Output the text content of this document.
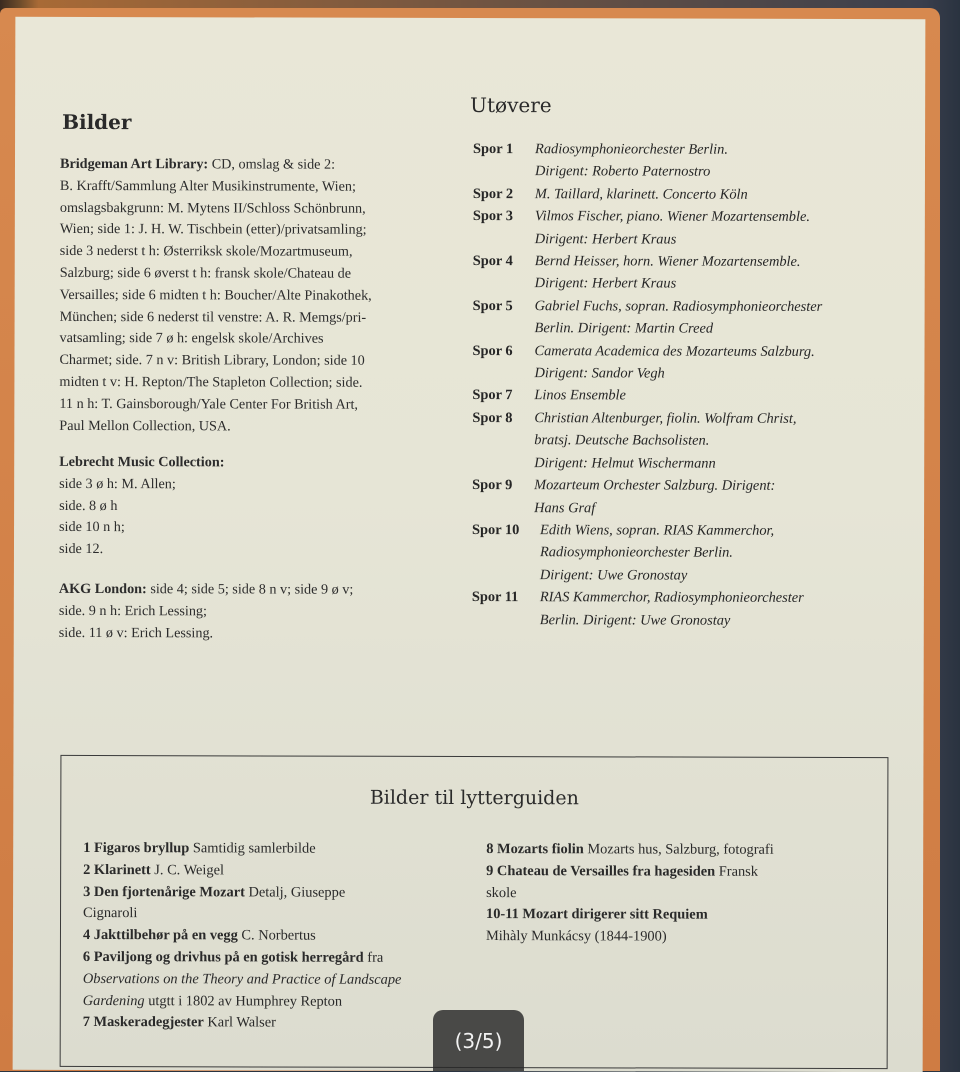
Bilder
Bridgeman Art Library: CD, omslag & side 2:
B. Krafft/Sammlung Alter Musikinstrumente, Wien;
omslagsbakgrunn: M. Mytens II/Schloss Schönbrunn,
Wien; side 1: J. H. W. Tischbein (etter)/privatsamling;
side 3 nederst t h: Østerriksk skole/Mozartmuseum,
Salzburg; side 6 øverst t h: fransk skole/Chateau de
Versailles; side 6 midten t h: Boucher/Alte Pinakothek,
München; side 6 nederst til venstre: A. R. Memgs/pri-
vatsamling; side 7 ø h: engelsk skole/Archives
Charmet; side. 7 n v: British Library, London; side 10
midten t v: H. Repton/The Stapleton Collection; side.
11 n h: T. Gainsborough/Yale Center For British Art,
Paul Mellon Collection, USA.
Lebrecht Music Collection:
side 3 ø h: M. Allen;
side. 8 ø h
side 10 n h;
side 12.
AKG London: side 4; side 5; side 8 n v; side 9 ø v;
side. 9 n h: Erich Lessing;
side. 11 ø v: Erich Lessing.
Utøvere
Spor 1	Radiosymphonieorchester Berlin.
Dirigent: Roberto Paternostro
Spor 2	M. Taillard, klarinett. Concerto Köln
Spor 3	Vilmos Fischer, piano. Wiener Mozartensemble.
Dirigent: Herbert Kraus
Spor 4	Bernd Heisser, horn. Wiener Mozartensemble.
Dirigent: Herbert Kraus
Spor 5	Gabriel Fuchs, sopran. Radiosymphonieorchester
Berlin. Dirigent: Martin Creed
Spor 6	Camerata Academica des Mozarteums Salzburg.
Dirigent: Sandor Vegh
Spor 7	Linos Ensemble
Spor 8	Christian Altenburger, fiolin. Wolfram Christ,
bratsj. Deutsche Bachsolisten.
Dirigent: Helmut Wischermann
Spor 9	Mozarteum Orchester Salzburg. Dirigent:
Hans Graf
Spor 10	Edith Wiens, sopran. RIAS Kammerchor,
Radiosymphonieorchester Berlin.
Dirigent: Uwe Gronostay
Spor 11	RIAS Kammerchor, Radiosymphonieorchester
Berlin. Dirigent: Uwe Gronostay
Bilder til lytterguiden
1 Figaros bryllup Samtidig samlerbilde
2 Klarinett J. C. Weigel
3 Den fjortenårige Mozart Detalj, Giuseppe
Cignaroli
4 Jakttilbehør på en vegg C. Norbertus
6 Paviljong og drivhus på en gotisk herregård fra
Observations on the Theory and Practice of Landscape
Gardening utgtt i 1802 av Humphrey Repton
7 Maskeradegjester Karl Walser
8 Mozarts fiolin Mozarts hus, Salzburg, fotografi
9 Chateau de Versailles fra hagesiden Fransk
skole
10-11 Mozart dirigerer sitt Requiem
Mihàly Munkácsy (1844-1900)
(3/5)
